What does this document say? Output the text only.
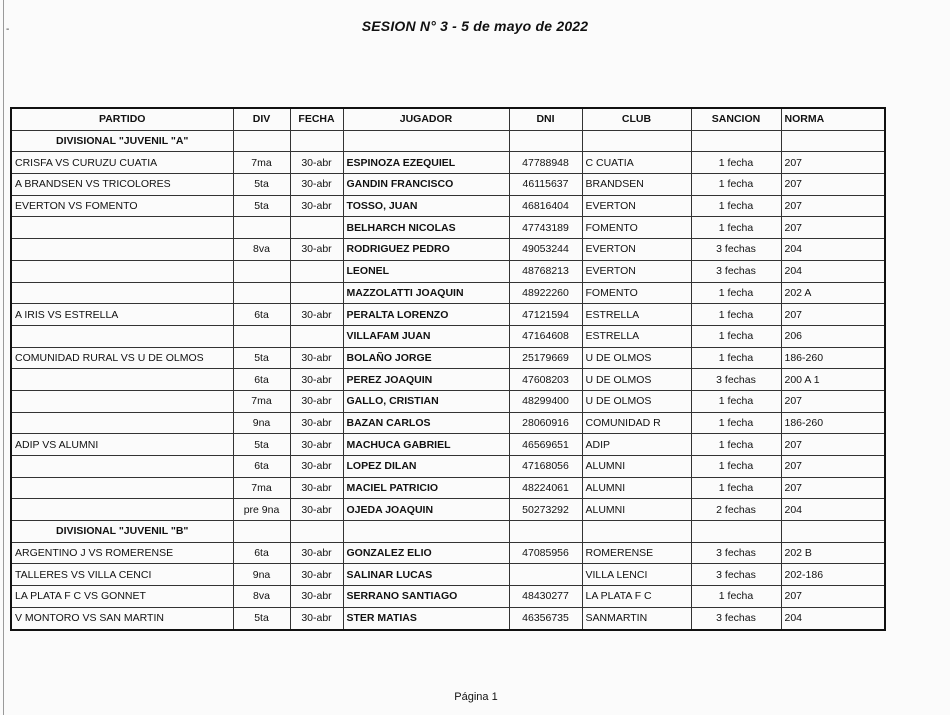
-	SESION N° 3 - 5 de mayo de 2022
PARTIDO	DIV	FECHA	JUGADOR	DNI	CLUB	SANCION	NORMA
DIVISIONAL "JUVENIL "A"							
CRISFA VS CURUZU CUATIA	7ma	30-abr	ESPINOZA EZEQUIEL	47788948	C CUATIA	1 fecha	207
A BRANDSEN VS TRICOLORES	5ta	30-abr	GANDIN FRANCISCO	46115637	BRANDSEN	1 fecha	207
EVERTON VS FOMENTO	5ta	30-abr	TOSSO, JUAN	46816404	EVERTON	1 fecha	207
			BELHARCH NICOLAS	47743189	FOMENTO	1 fecha	207
	8va	30-abr	RODRIGUEZ PEDRO	49053244	EVERTON	3 fechas	204
			LEONEL	48768213	EVERTON	3 fechas	204
			MAZZOLATTI JOAQUIN	48922260	FOMENTO	1 fecha	202 A
A IRIS VS ESTRELLA	6ta	30-abr	PERALTA LORENZO	47121594	ESTRELLA	1 fecha	207
			VILLAFAM JUAN	47164608	ESTRELLA	1 fecha	206
COMUNIDAD RURAL VS U DE OLMOS	5ta	30-abr	BOLAÑO JORGE	25179669	U DE OLMOS	1 fecha	186-260
	6ta	30-abr	PEREZ JOAQUIN	47608203	U DE OLMOS	3 fechas	200 A 1
	7ma	30-abr	GALLO, CRISTIAN	48299400	U DE OLMOS	1 fecha	207
	9na	30-abr	BAZAN CARLOS	28060916	COMUNIDAD R	1 fecha	186-260
ADIP VS ALUMNI	5ta	30-abr	MACHUCA GABRIEL	46569651	ADIP	1 fecha	207
	6ta	30-abr	LOPEZ DILAN	47168056	ALUMNI	1 fecha	207
	7ma	30-abr	MACIEL PATRICIO	48224061	ALUMNI	1 fecha	207
	pre 9na	30-abr	OJEDA JOAQUIN	50273292	ALUMNI	2 fechas	204
DIVISIONAL "JUVENIL "B"							
ARGENTINO J VS ROMERENSE	6ta	30-abr	GONZALEZ ELIO	47085956	ROMERENSE	3 fechas	202 B
TALLERES VS VILLA CENCI	9na	30-abr	SALINAR LUCAS		VILLA LENCI	3 fechas	202-186
LA PLATA F C VS GONNET	8va	30-abr	SERRANO SANTIAGO	48430277	LA PLATA F C	1 fecha	207
V MONTORO VS SAN MARTIN	5ta	30-abr	STER MATIAS	46356735	SANMARTIN	3 fechas	204
Página 1
